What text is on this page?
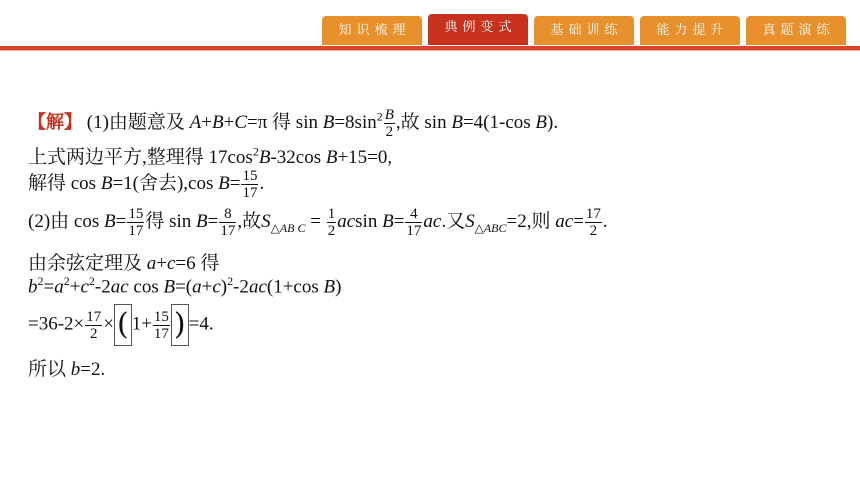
知识梳理	典例变式	基础训练	能力提升	真题演练
【解】 (1)由题意及 A+B+C=π 得 $\sin B=8\sin^2 \frac{B}{2}$ ,故 sin B=4(1-cos B).
上式两边平方,整理得 $17\cos^2B-32\cos$ B+15=0,
解得 cos B=1(舍去),cos $B= \frac{15}{17}$ .
(2)由 $\cos B= \frac{15}{17}$ 得 $\sin B= \frac{8}{17}$ ,故$S_{\triangle AB C} = \frac{1}{2}$ acsin $B= \frac{4}{17}$ ac.又$S_{\triangle ABC}=2$,则 $ac= \frac{17}{2}$ .
由余弦定理及 a+c=6 得
$b^2=a^2+c^2-2ac$ $\cos B=(a+c)^2-2ac(1+\cos$ B)
$=36-2\times \frac{17}{2}$ × ( $1+ \frac{15}{17}$ ) =4.
所以 b=2.
